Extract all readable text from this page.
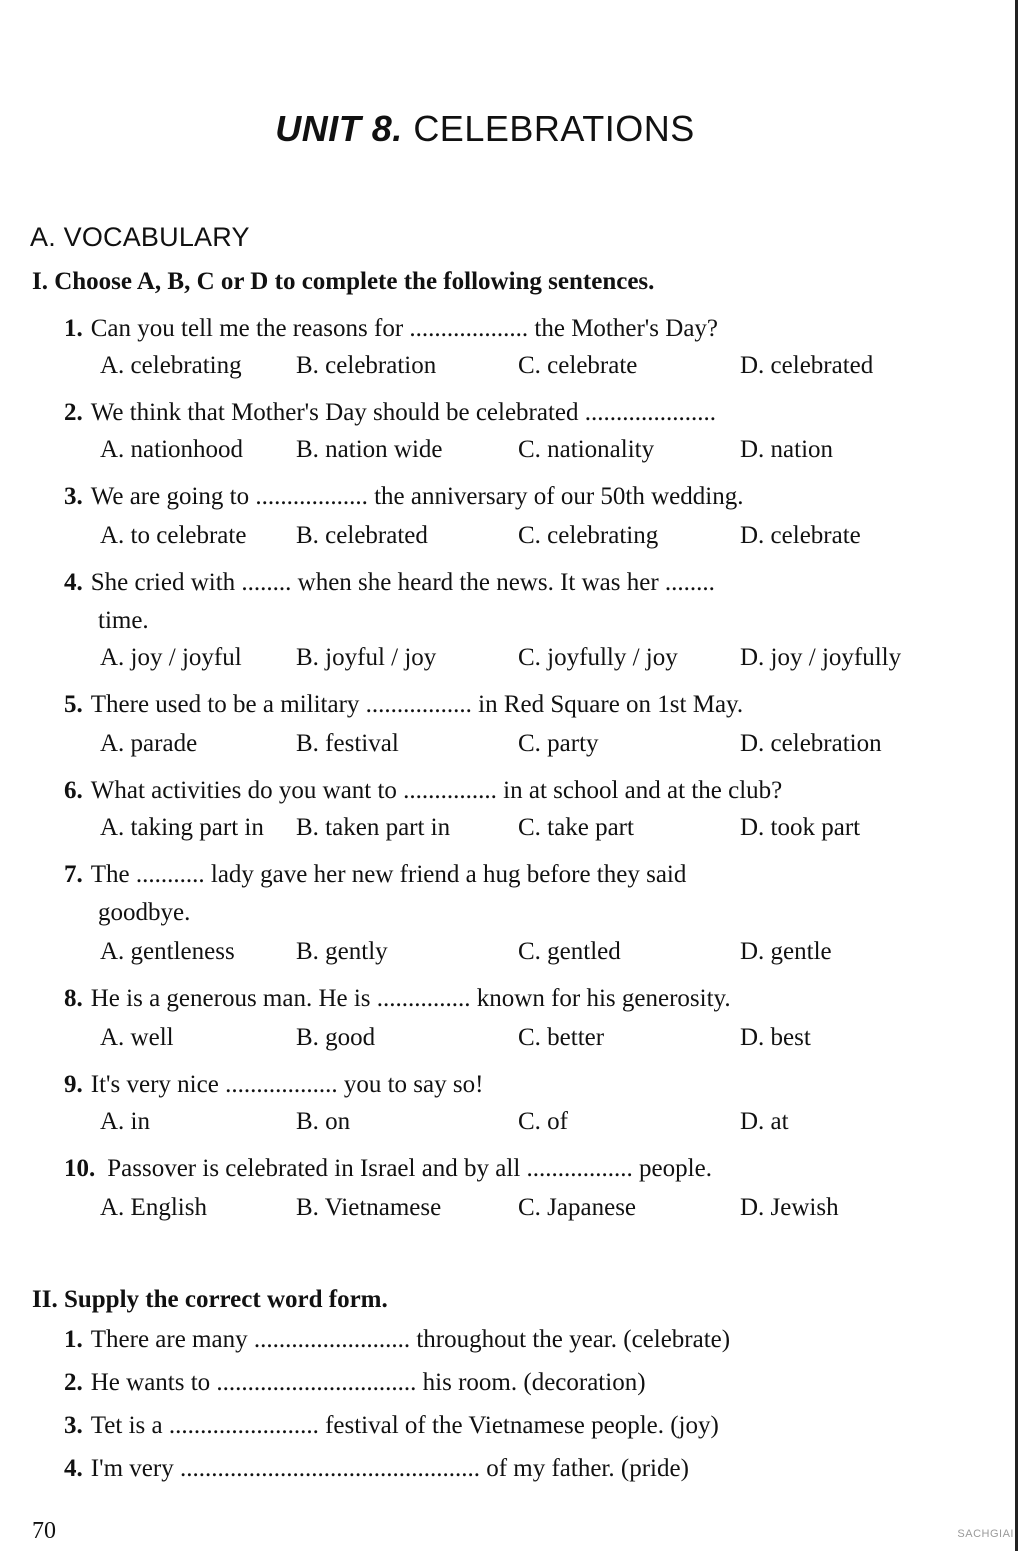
UNIT 8. CELEBRATIONS
A. VOCABULARY
I. Choose A, B, C or D to complete the following sentences.
1. Can you tell me the reasons for ................... the Mother's Day?
A. celebrating B. celebration	C. celebrate	D. celebrated
2. We think that Mother's Day should be celebrated .....................
A. nationhood B. nation wide	C. nationality	D. nation
3. We are going to .................. the anniversary of our 50th wedding.
A. to celebrate B. celebrated	C. celebrating	D. celebrate
4. She cried with ........ when she heard the news. It was her ........
time.
A. joy / joyful B. joyful / joy	C. joyfully / joy D. joy / joyfully
5. There used to be a military ................. in Red Square on 1st May.
A. parade	B. festival	C. party	D. celebration
6. What activities do you want to ............... in at school and at the club?
A. taking part in B. taken part in	C. take part	D. took part
7. The ........... lady gave her new friend a hug before they said
goodbye.
A. gentleness B. gently	C. gentled	D. gentle
8. He is a generous man. He is ............... known for his generosity.
A. well	B. good	C. better	D. best
9. It's very nice .................. you to say so!
A. in	B. on	C. of	D. at
10. Passover is celebrated in Israel and by all ................. people.
A. English	B. Vietnamese	C. Japanese	D. Jewish
II. Supply the correct word form.
1. There are many ......................... throughout the year. (celebrate)
2. He wants to ................................ his room. (decoration)
3. Tet is a ........................ festival of the Vietnamese people. (joy)
4. I'm very ................................................ of my father. (pride)
70	SACHGIAI
